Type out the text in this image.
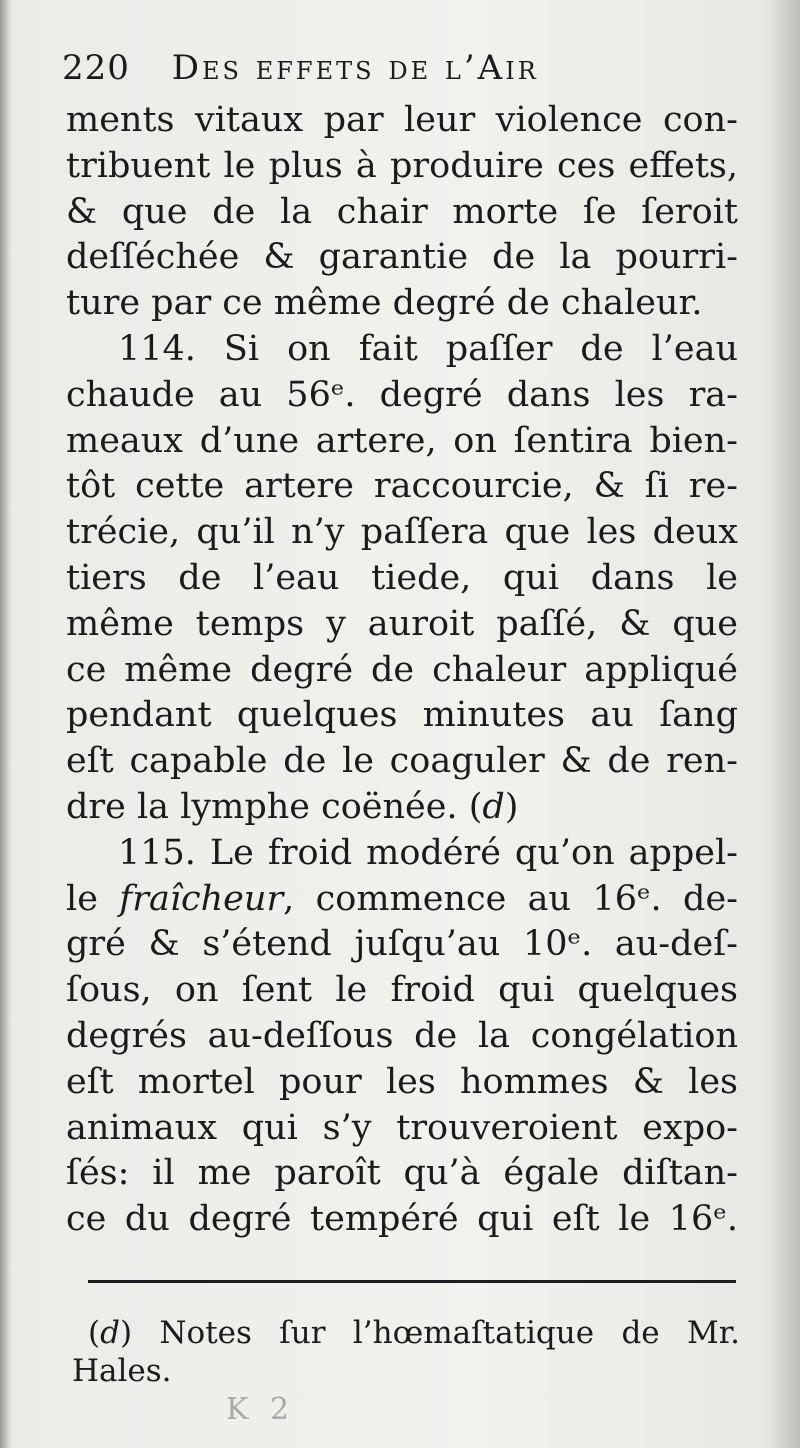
220 Des effets de l’Air
ments vitaux par leur violence con-
tribuent le plus à produire ces effets,
& que de la chair morte ſe ſeroit
deſſéchée & garantie de la pourri-
ture par ce même degré de chaleur.
114. Si on fait paſſer de l’eau
chaude au 56ᵉ. degré dans les ra-
meaux d’une artere, on ſentira bien-
tôt cette artere raccourcie, & ſi re-
trécie, qu’il n’y paſſera que les deux
tiers de l’eau tiede, qui dans le
même temps y auroit paſſé, & que
ce même degré de chaleur appliqué
pendant quelques minutes au ſang
eſt capable de le coaguler & de ren-
dre la lymphe coënée. (d)
115. Le froid modéré qu’on appel-
le fraîcheur, commence au 16ᵉ. de-
gré & s’étend juſqu’au 10ᵉ. au-deſ-
ſous, on ſent le froid qui quelques
degrés au-deſſous de la congélation
eſt mortel pour les hommes & les
animaux qui s’y trouveroient expo-
ſés: il me paroît qu’à égale diſtan-
ce du degré tempéré qui eſt le 16ᵉ.
(d) Notes ſur l’hœmaſtatique de Mr.
Hales.
K 2
